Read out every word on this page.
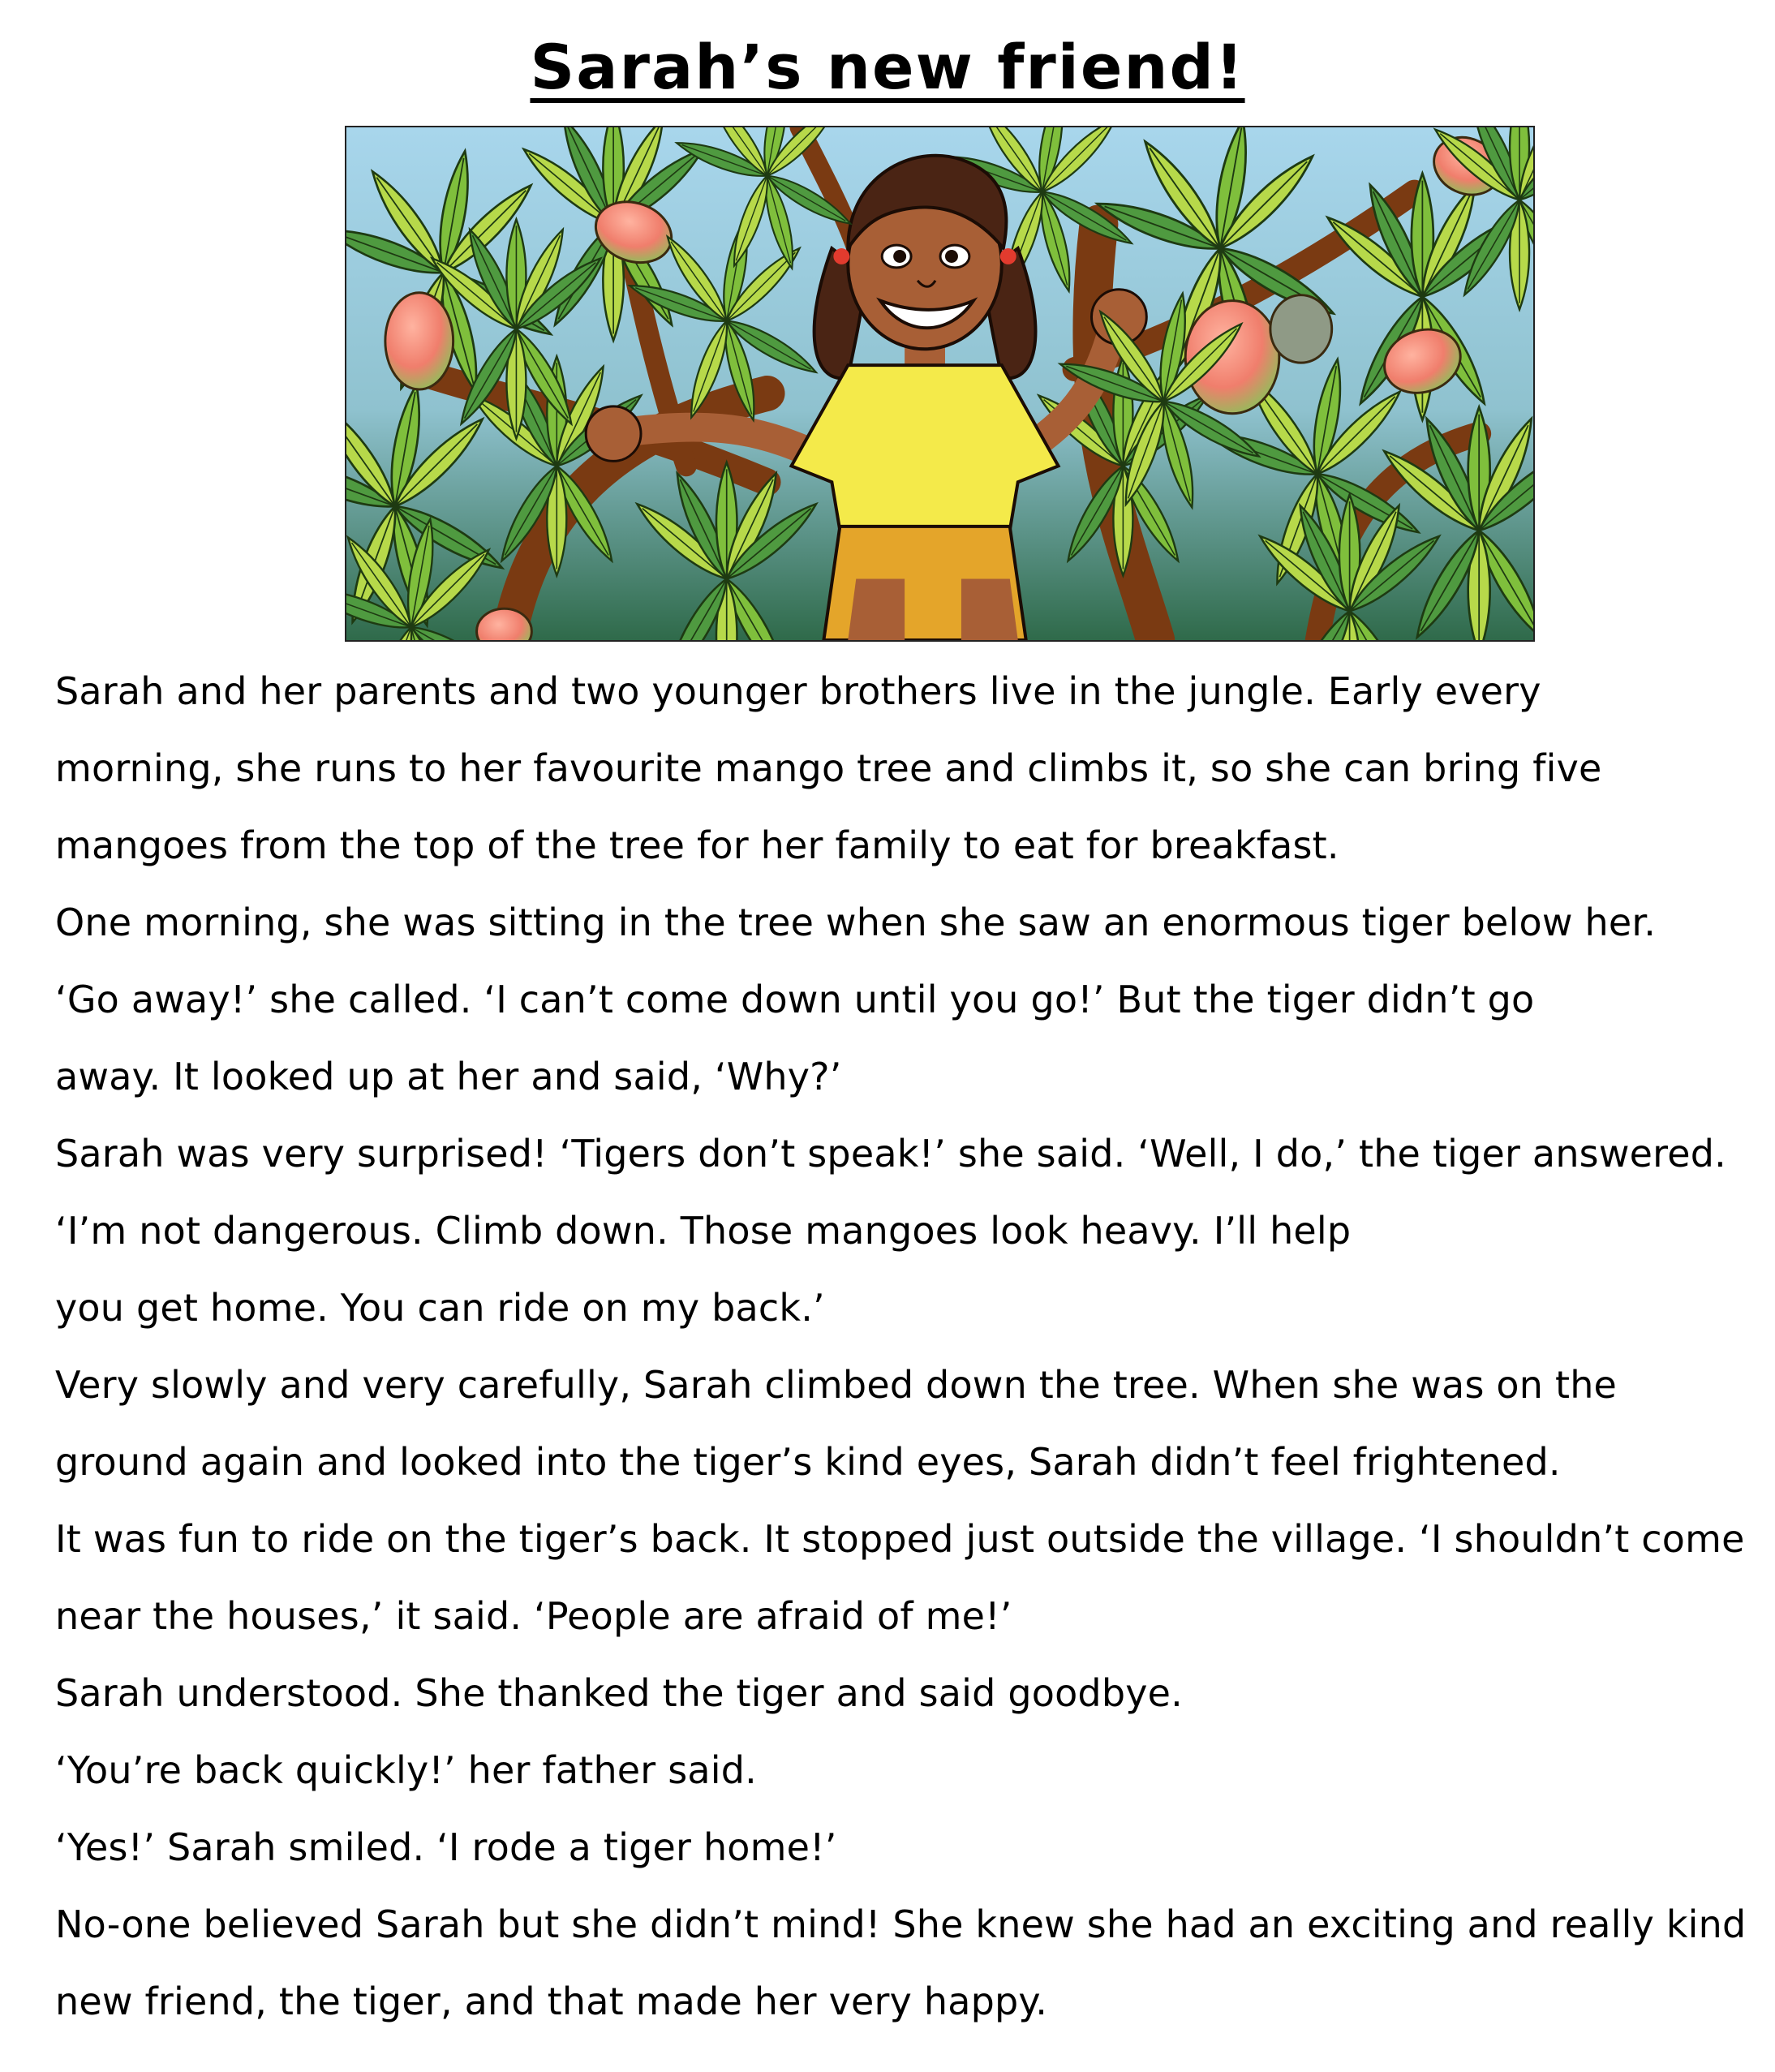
Sarah’s new friend!
Sarah and her parents and two younger brothers live in the jungle. Early every
morning, she runs to her favourite mango tree and climbs it, so she can bring five
mangoes from the top of the tree for her family to eat for breakfast.
One morning, she was sitting in the tree when she saw an enormous tiger below her.
‘Go away!’ she called. ‘I can’t come down until you go!’ But the tiger didn’t go
away. It looked up at her and said, ‘Why?’
Sarah was very surprised! ‘Tigers don’t speak!’ she said. ‘Well, I do,’ the tiger answered.
‘I’m not dangerous. Climb down. Those mangoes look heavy. I’ll help
you get home. You can ride on my back.’
Very slowly and very carefully, Sarah climbed down the tree. When she was on the
ground again and looked into the tiger’s kind eyes, Sarah didn’t feel frightened.
It was fun to ride on the tiger’s back. It stopped just outside the village. ‘I shouldn’t come
near the houses,’ it said. ‘People are afraid of me!’
Sarah understood. She thanked the tiger and said goodbye.
‘You’re back quickly!’ her father said.
‘Yes!’ Sarah smiled. ‘I rode a tiger home!’
No-one believed Sarah but she didn’t mind! She knew she had an exciting and really kind
new friend, the tiger, and that made her very happy.
